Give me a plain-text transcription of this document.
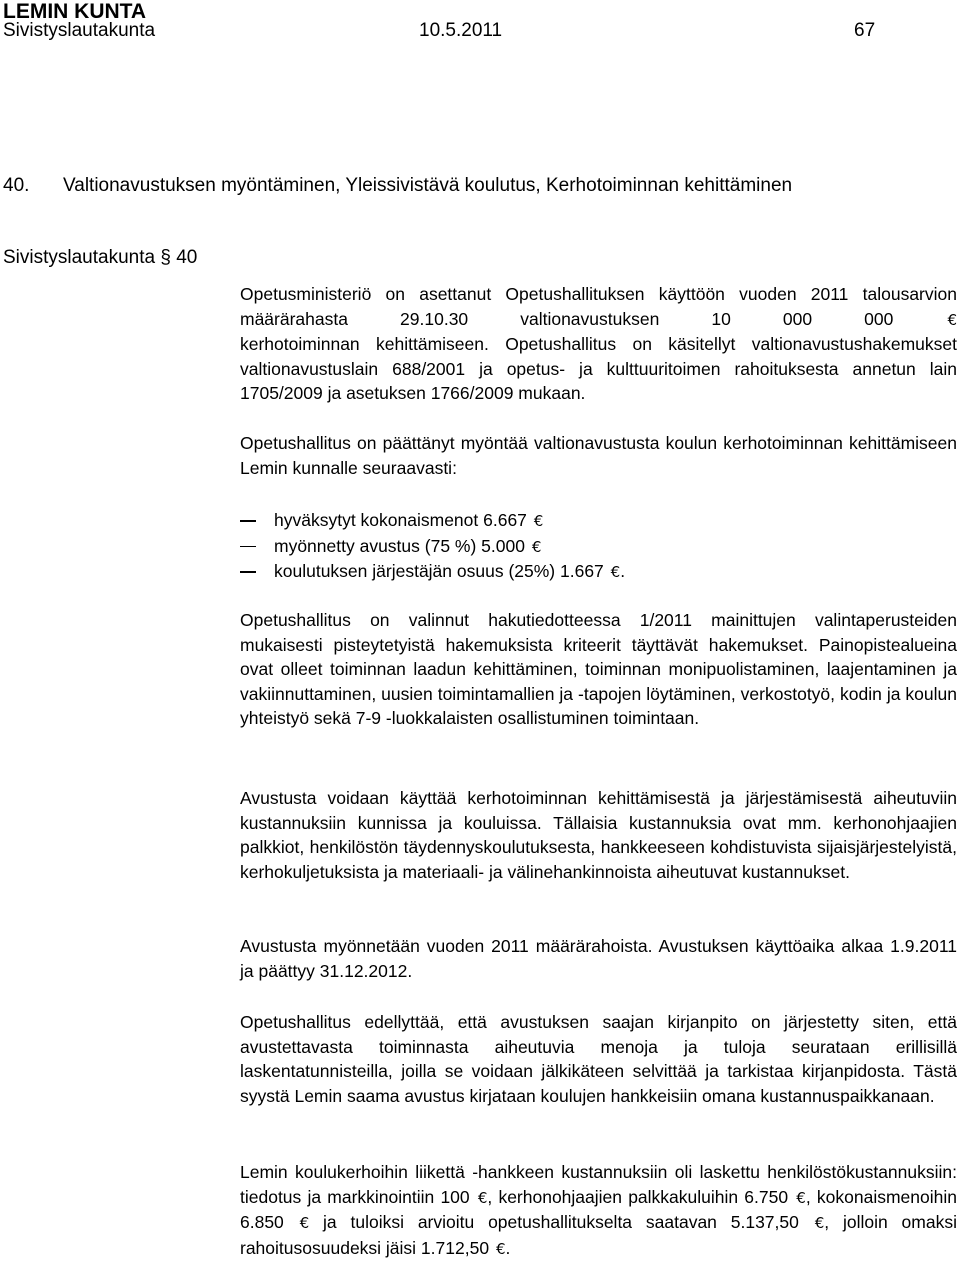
LEMIN KUNTA
Sivistyslautakunta	10.5.2011	67
40. Valtionavustuksen myöntäminen, Yleissivistävä koulutus, Kerhotoiminnan kehittäminen
Sivistyslautakunta § 40

Opetusministeriö on asettanut Opetushallituksen käyttöön vuoden 2011 talousarvion määrärahasta 29.10.30 valtionavustuksen 10 000 000	€

kerhotoiminnan kehittämiseen. Opetushallitus on käsitellyt valtionavustushakemukset valtionavustuslain 688/2001 ja opetus- ja kulttuuritoimen rahoituksesta annetun lain 1705/2009 ja asetuksen 1766/2009 mukaan.

Opetushallitus on päättänyt myöntää valtionavustusta koulun kerhotoiminnan kehittämiseen Lemin kunnalle seuraavasti:

hyväksytyt kokonaismenot 6.667 €
myönnetty avustus (75 %) 5.000 €
koulutuksen järjestäjän osuus (25%) 1.667 €.

Opetushallitus on valinnut hakutiedotteessa 1/2011 mainittujen valintaperusteiden mukaisesti pisteytetyistä hakemuksista kriteerit täyttävät hakemukset. Painopistealueina ovat olleet toiminnan laadun kehittäminen, toiminnan monipuolistaminen, laajentaminen ja vakiinnuttaminen, uusien toimintamallien ja -tapojen löytäminen, verkostotyö, kodin ja koulun yhteistyö sekä 7-9 -luokkalaisten osallistuminen toimintaan.

Avustusta voidaan käyttää kerhotoiminnan kehittämisestä ja järjestämisestä aiheutuviin kustannuksiin kunnissa ja kouluissa. Tällaisia kustannuksia ovat mm. kerhonohjaajien palkkiot, henkilöstön täydennyskoulutuksesta, hankkeeseen kohdistuvista sijaisjärjestelyistä, kerhokuljetuksista ja materiaali- ja välinehankinnoista aiheutuvat kustannukset.

Avustusta myönnetään vuoden 2011 määrärahoista. Avustuksen käyttöaika alkaa 1.9.2011 ja päättyy 31.12.2012.

Opetushallitus edellyttää, että avustuksen saajan kirjanpito on järjestetty siten, että avustettavasta toiminnasta aiheutuvia menoja ja tuloja seurataan erillisillä laskentatunnisteilla, joilla se voidaan jälkikäteen selvittää ja tarkistaa kirjanpidosta. Tästä syystä Lemin saama avustus kirjataan koulujen hankkeisiin omana kustannuspaikkanaan.

Lemin koulukerhoihin liikettä -hankkeen kustannuksiin oli laskettu henkilöstökustannuksiin: tiedotus ja markkinointiin 100 €, kerhonohjaajien palkkakuluihin 6.750 €, kokonaismenoihin 6.850 € ja tuloiksi arvioitu opetushallitukselta saatavan 5.137,50 €, jolloin omaksi rahoitusosuudeksi jäisi 1.712,50 €.
